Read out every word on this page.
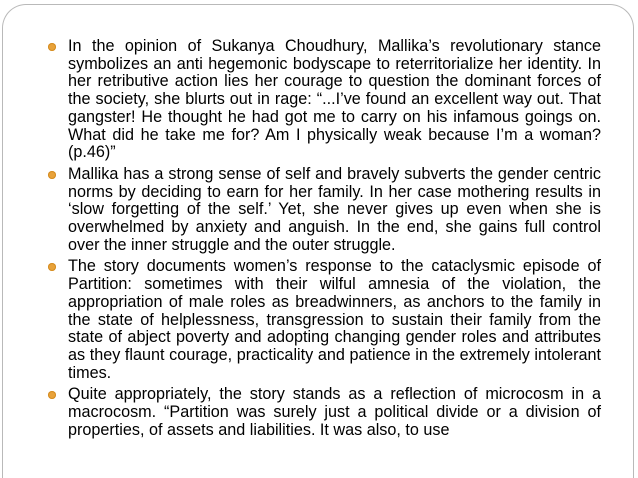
In the opinion of Sukanya Choudhury, Mallika’s revolutionary stance symbolizes an anti hegemonic bodyscape to reterritorialize her identity. In her retributive action lies her courage to question the dominant forces of the society, she blurts out in rage: “...I’ve found an excellent way out. That gangster! He thought he had got me to carry on his infamous goings on. What did he take me for? Am I physically weak because I’m a woman?(p.46)”
Mallika has a strong sense of self and bravely subverts the gender centric norms by deciding to earn for her family. In her case mothering results in ‘slow forgetting of the self.’ Yet, she never gives up even when she is overwhelmed by anxiety and anguish. In the end, she gains full control over the inner struggle and the outer struggle.
The story documents women’s response to the cataclysmic episode of Partition: sometimes with their wilful amnesia of the violation, the appropriation of male roles as breadwinners, as anchors to the family in the state of helplessness, transgression to sustain their family from the state of abject poverty and adopting changing gender roles and attributes as they flaunt courage, practicality and patience in the extremely intolerant times.
Quite appropriately, the story stands as a reflection of microcosm in a macrocosm. “Partition was surely just a political divide or a division of properties, of assets and liabilities. It was also, to use
